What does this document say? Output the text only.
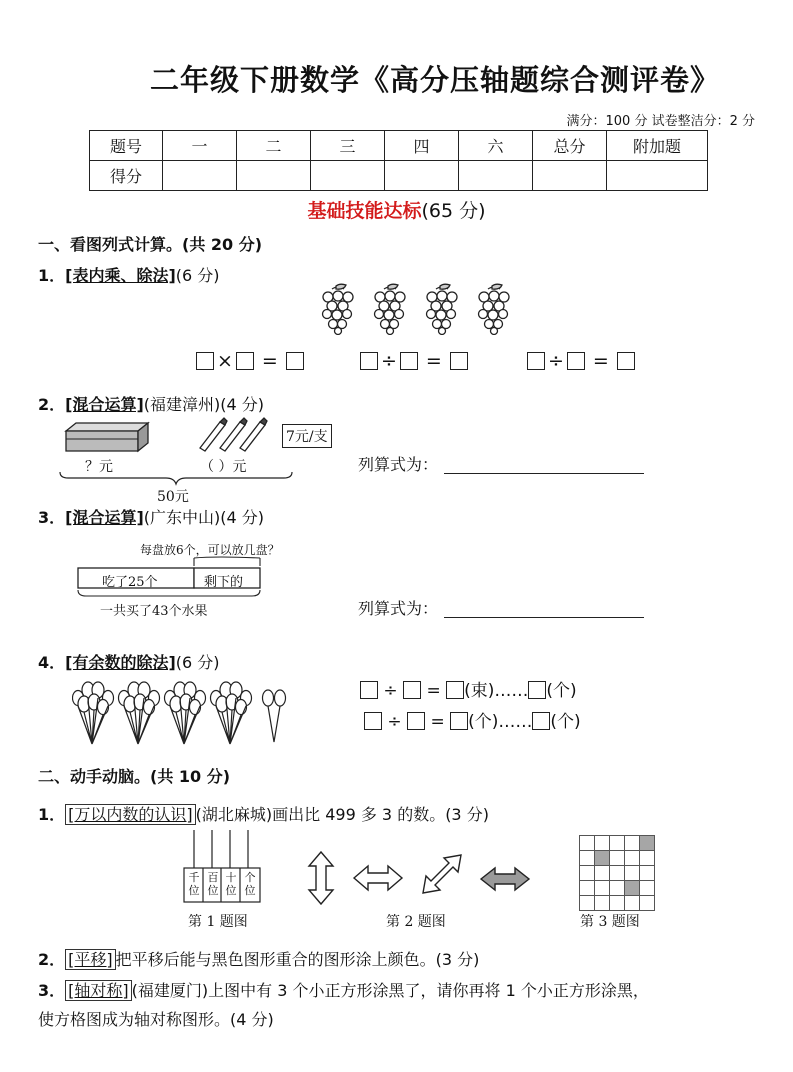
二年级下册数学《高分压轴题综合测评卷》
满分：100 分 试卷整洁分：2 分
题号	一	二	三	四	六	总分	附加题
得分							
基础技能达标(65 分)
一、看图列式计算。(共 20 分)
1．[表内乘、除法](6 分)
× =	÷ =	÷ =
2．[混合运算](福建漳州)(4 分)
7元/支
？元	（ ）元
50元
列算式为：
3．[混合运算](广东中山)(4 分)
每盘放6个，可以放几盘？
吃了25个	剩下的
一共买了43个水果	列算式为：
4．[有余数的除法](6 分)
÷ = (束)…… (个)
÷ = (个)…… (个)
二、动手动脑。(共 10 分)
1． [万以内数的认识] (湖北麻城)画出比 499 多 3 的数。(3 分)
千位
百位
十位
个位

第 1 题图	第 2 题图	第 3 题图
2． [平移] 把平移后能与黑色图形重合的图形涂上颜色。(3 分)
3． [轴对称] (福建厦门)上图中有 3 个小正方形涂黑了，请你再将 1 个小正方形涂黑，
使方格图成为轴对称图形。(4 分)
